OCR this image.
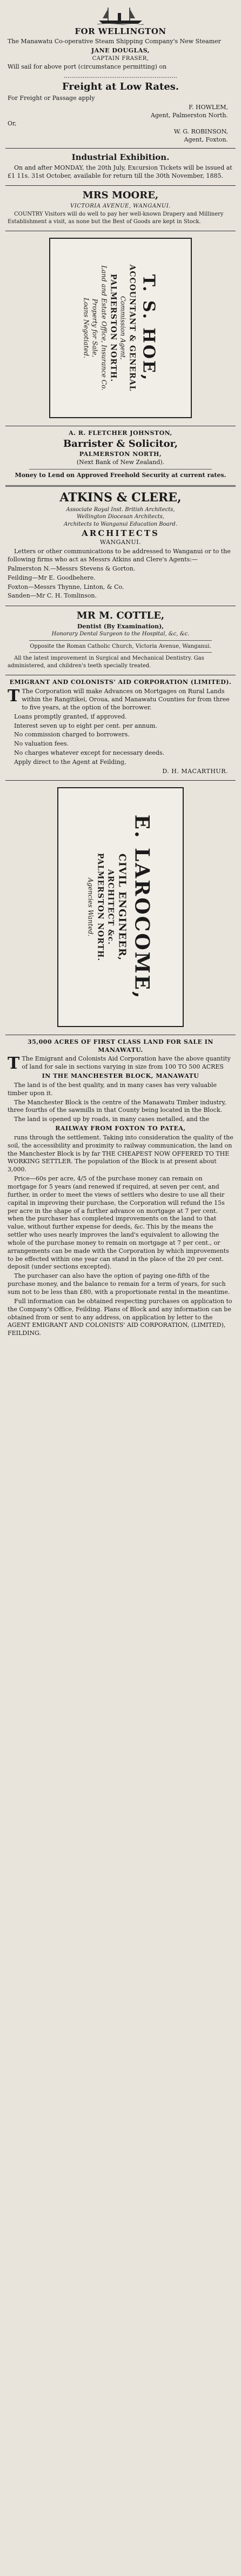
FOR WELLINGTON

The Manawatu Co-operative Steam Shipping Company's New Steamer

JANE DOUGLAS,
CAPTAIN FRASER,

Will sail for above port (circumstance permitting) on

............................................................
Freight at Low Rates.

For Freight or Passage apply

F. HOWLEM,
Agent, Palmerston North.
Or,
W. G. ROBINSON,
Agent, Foxton.
Industrial Exhibition.

On and after MONDAY, the 20th July, Excursion Tickets will be issued at £1 11s. 31st October, available for return till the 30th November, 1885.

MRS MOORE,
VICTORIA AVENUE, WANGANUI.

COUNTRY Visitors will do well to pay her well-known Drapery and Millinery Establishment a visit, as none but the Best of Goods are kept in Stock.

T. S. HOE,
ACCOUNTANT & GENERAL
Commission Agent,
PALMERSTON NORTH.
Land and Estate Office, Insurance Co.
Property for Sale,
Loans Negotiated.
A. R. FLETCHER JOHNSTON,
Barrister & Solicitor,
PALMERSTON NORTH,
(Next Bank of New Zealand).

Money to Lend on Approved Freehold Security at current rates.

ATKINS & CLERE,
Associate Royal Inst. British Architects,
Wellington Diocesan Architects,
Architects to Wanganui Education Board.
ARCHITECTS
WANGANUI.

Letters or other communications to be addressed to Wanganui or to the following firms who act as Messrs Atkins and Clere's Agents:—

Palmerston N.—Messrs Stevens & Gorton.

Feilding—Mr E. Goodbehere.

Foxton—Messrs Thynne, Linton, & Co.

Sanden—Mr C. H. Tomlinson.

MR M. COTTLE,
Dentist (By Examination),
Honorary Dental Surgeon to the Hospital, &c, &c.

Opposite the Roman Catholic Church, Victoria Avenue, Wanganui.

All the latest improvement in Surgical and Mechanical Dentistry. Gas administered, and children's teeth specially treated.

EMIGRANT AND COLONISTS' AID CORPORATION (LIMITED).

T The Corporation will make Advances on Mortgages on Rural Lands within the Rangitikei, Oroua, and Manawatu Counties for from three to five years, at the option of the borrower.

Loans promptly granted, if approved.

Interest seven up to eight per cent. per annum.

No commission charged to borrowers.

No valuation fees.

No charges whatever except for necessary deeds.

Apply direct to the Agent at Feilding,

D. H. MACARTHUR.
E. LAROCOME,
CIVIL ENGINEER,
ARCHITECT &c.
PALMERSTON NORTH.
Agencies Wanted.
35,000 ACRES OF FIRST CLASS LAND FOR SALE IN MANAWATU.

T The Emigrant and Colonists Aid Corporation have the above quantity of land for sale in sections varying in size from 100 TO 500 ACRES

IN THE MANCHESTER BLOCK, MANAWATU

The land is of the best quality, and in many cases has very valuable timber upon it.

The Manchester Block is the centre of the Manawatu Timber industry, three fourths of the sawmills in that County being located in the Block.

The land is opened up by roads, in many cases metalled, and the

RAILWAY FROM FOXTON TO PATEA,

runs through the settlement. Taking into consideration the quality of the soil, the accessibility and proximity to railway communication, the land on the Manchester Block is by far THE CHEAPEST NOW OFFERED TO THE WORKING SETTLER. The population of the Block is at present about 3,000.

Price—60s per acre, 4/5 of the purchase money can remain on mortgage for 5 years (and renewed if required, at seven per cent, and further, in order to meet the views of settlers who desire to use all their capital in improving their purchase, the Corporation will refund the 15s per acre in the shape of a further advance on mortgage at 7 per cent. when the purchaser has completed improvements on the land to that value, without further expense for deeds, &c. This by the means the settler who uses nearly improves the land's equivalent to allowing the whole of the purchase money to remain on mortgage at 7 per cent., or arrangements can be made with the Corporation by which improvements to be effected within one year can stand in the place of the 20 per cent. deposit (under sections excepted).

The purchaser can also have the option of paying one-fifth of the purchase money, and the balance to remain for a term of years, for such sum not to be less than £80, with a proportionate rental in the meantime.

Full information can be obtained respecting purchases on application to the Company's Office, Feilding. Plans of Block and any information can be obtained from or sent to any address, on application by letter to the AGENT EMIGRANT AND COLONISTS' AID CORPORATION, (LIMITED), FEILDING.
